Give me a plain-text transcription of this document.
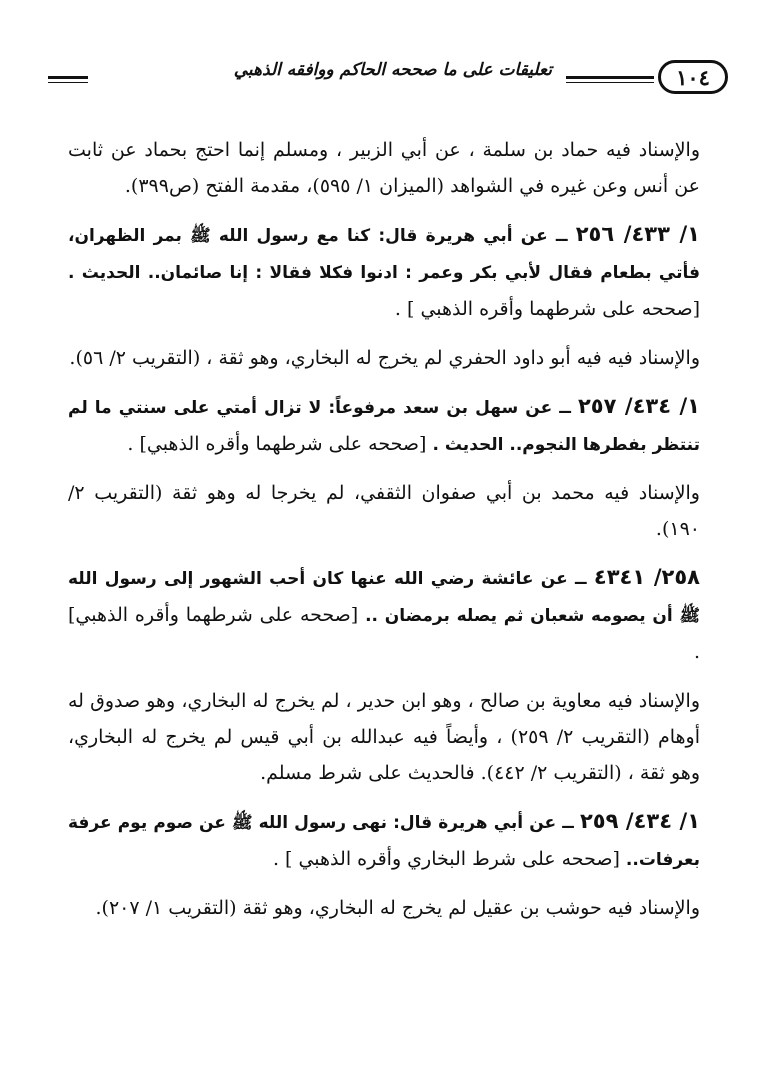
١٠٤
تعليقات على ما صححه الحاكم ووافقه الذهبي

والإسناد فيه حماد بن سلمة ، عن أبي الزبير ، ومسلم إنما احتج بحماد عن ثابت عن أنس وعن غيره في الشواهد (الميزان ١/ ٥٩٥)، مقدمة الفتح (ص٣٩٩).

١/ ٤٣٣/ ٢٥٦ ــ عن أبي هريرة قال: كنا مع رسول الله ﷺ بمر الظهران، فأتي بطعام فقال لأبي بكر وعمر : ادنوا فكلا فقالا : إنا صائمان.. الحديث . [صححه على شرطهما وأقره الذهبي ] .

والإسناد فيه فيه أبو داود الحفري لم يخرج له البخاري، وهو ثقة ، (التقريب ٢/ ٥٦).

١/ ٤٣٤/ ٢٥٧ ــ عن سهل بن سعد مرفوعاً: لا تزال أمتي على سنتي ما لم تنتظر بفطرها النجوم.. الحديث . [صححه على شرطهما وأقره الذهبي] .

والإسناد فيه محمد بن أبي صفوان الثقفي، لم يخرجا له وهو ثقة (التقريب ٢/ ١٩٠).

٢٥٨/ ٤٣٤١ ــ عن عائشة رضي الله عنها كان أحب الشهور إلى رسول الله ﷺ أن يصومه شعبان ثم يصله برمضان .. [صححه على شرطهما وأقره الذهبي] .

والإسناد فيه معاوية بن صالح ، وهو ابن حدير ، لم يخرج له البخاري، وهو صدوق له أوهام (التقريب ٢/ ٢٥٩) ، وأيضاً فيه عبدالله بن أبي قيس لم يخرج له البخاري، وهو ثقة ، (التقريب ٢/ ٤٤٢). فالحديث على شرط مسلم.

١/ ٤٣٤/ ٢٥٩ ــ عن أبي هريرة قال: نهى رسول الله ﷺ عن صوم يوم عرفة بعرفات.. [صححه على شرط البخاري وأقره الذهبي ] .

والإسناد فيه حوشب بن عقيل لم يخرج له البخاري، وهو ثقة (التقريب ١/ ٢٠٧).
